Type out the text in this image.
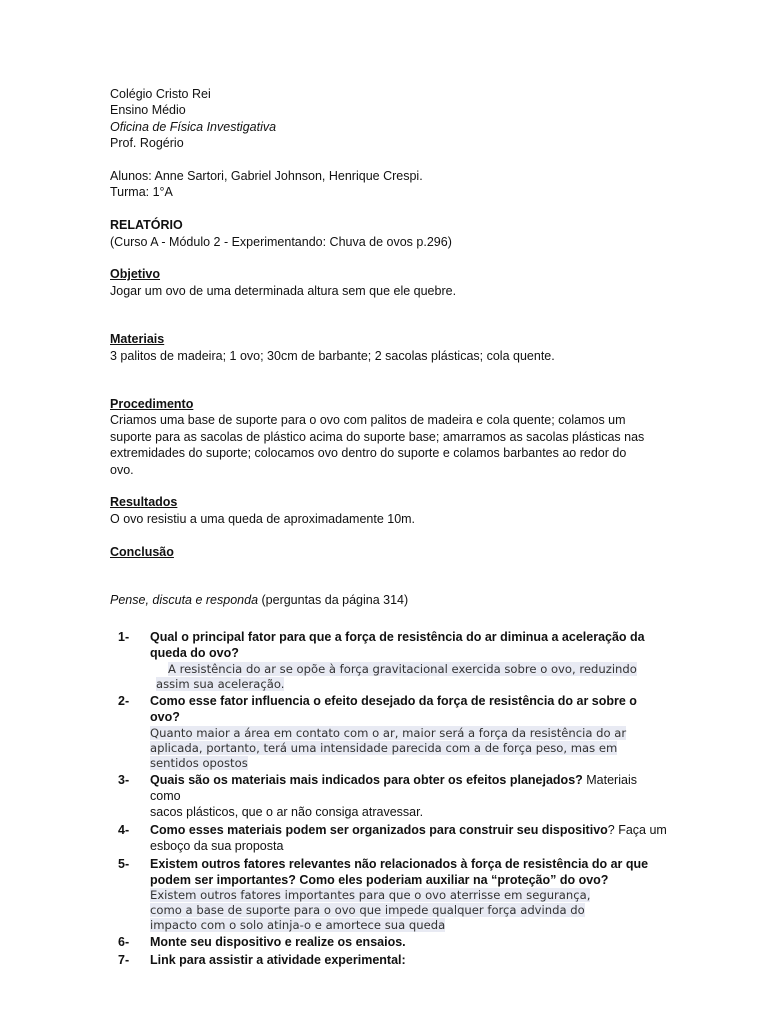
Colégio Cristo Rei
Ensino Médio
Oficina de Física Investigativa
Prof. Rogério
Alunos: Anne Sartori, Gabriel Johnson, Henrique Crespi.
Turma: 1°A
RELATÓRIO
(Curso A - Módulo 2 - Experimentando: Chuva de ovos p.296)
Objetivo
Jogar um ovo de uma determinada altura sem que ele quebre.
Materiais
3 palitos de madeira; 1 ovo; 30cm de barbante; 2 sacolas plásticas; cola quente.
Procedimento
Criamos uma base de suporte para o ovo com palitos de madeira e cola quente; colamos um
suporte para as sacolas de plástico acima do suporte base; amarramos as sacolas plásticas nas
extremidades do suporte; colocamos ovo dentro do suporte e colamos barbantes ao redor do
ovo.
Resultados
O ovo resistiu a uma queda de aproximadamente 10m.
Conclusão
Pense, discuta e responda (perguntas da página 314)
1-	Qual o principal fator para que a força de resistência do ar diminua a aceleração da
queda do ovo?
A resistência do ar se opõe à força gravitacional exercida sobre o ovo, reduzindo
assim sua aceleração.
2-	Como esse fator influencia o efeito desejado da força de resistência do ar sobre o ovo?
Quanto maior a área em contato com o ar, maior será a força da resistência do ar
aplicada, portanto, terá uma intensidade parecida com a de força peso, mas em
sentidos opostos
3-	Quais são os materiais mais indicados para obter os efeitos planejados? Materiais como
sacos plásticos, que o ar não consiga atravessar.
4-	Como esses materiais podem ser organizados para construir seu dispositivo? Faça um
esboço da sua proposta
5-	Existem outros fatores relevantes não relacionados à força de resistência do ar que
podem ser importantes? Como eles poderiam auxiliar na “proteção” do ovo?
Existem outros fatores importantes para que o ovo aterrisse em segurança,
como a base de suporte para o ovo que impede qualquer força advinda do
impacto com o solo atinja-o e amortece sua queda
6-	Monte seu dispositivo e realize os ensaios.
7-	Link para assistir a atividade experimental:
